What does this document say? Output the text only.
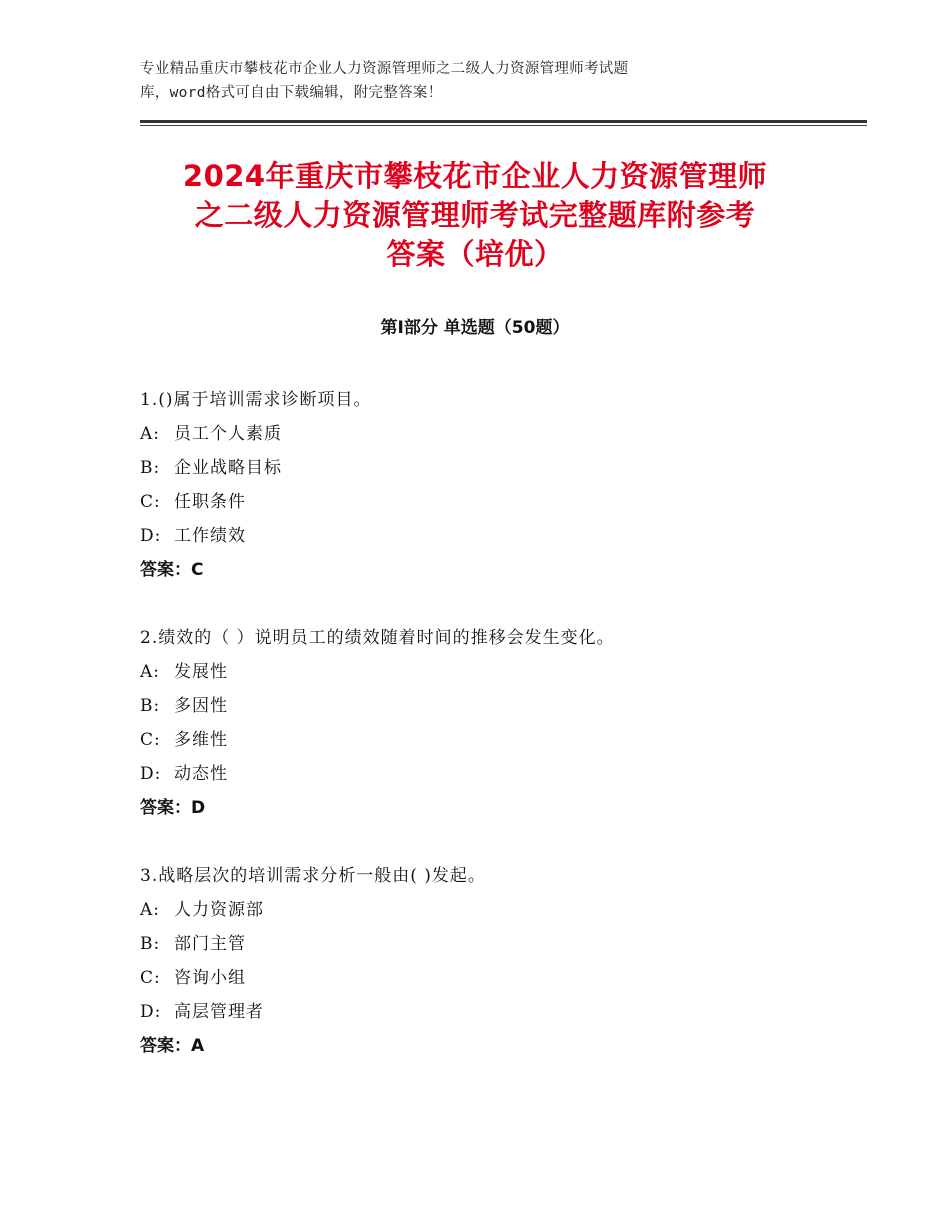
专业精品重庆市攀枝花市企业人力资源管理师之二级人力资源管理师考试题
库，word格式可自由下载编辑，附完整答案！
2024年重庆市攀枝花市企业人力资源管理师
之二级人力资源管理师考试完整题库附参考
答案（培优）
第Ⅰ部分 单选题（50题）
1.()属于培训需求诊断项目。
A: 员工个人素质
B: 企业战略目标
C: 任职条件
D: 工作绩效
答案：C
2.绩效的（ ）说明员工的绩效随着时间的推移会发生变化。
A: 发展性
B: 多因性
C: 多维性
D: 动态性
答案：D
3.战略层次的培训需求分析一般由( )发起。
A: 人力资源部
B: 部门主管
C: 咨询小组
D: 高层管理者
答案：A
